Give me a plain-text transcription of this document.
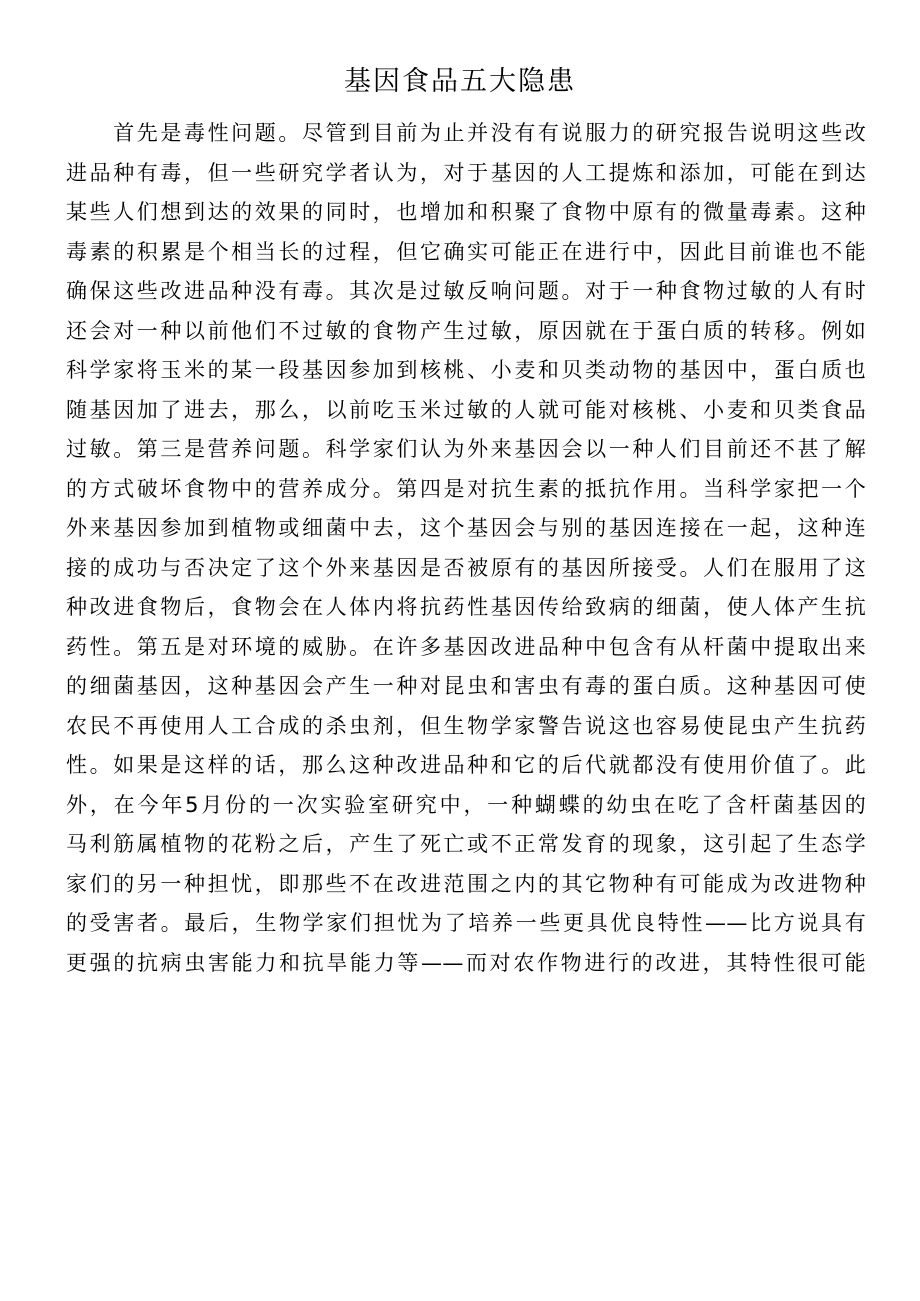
基因食品五大隐患
　　首先是毒性问题。尽管到目前为止并没有有说服力的研究报告说明这些改
进品种有毒，但一些研究学者认为，对于基因的人工提炼和添加，可能在到达
某些人们想到达的效果的同时，也增加和积聚了食物中原有的微量毒素。这种
毒素的积累是个相当长的过程，但它确实可能正在进行中，因此目前谁也不能
确保这些改进品种没有毒。其次是过敏反响问题。对于一种食物过敏的人有时
还会对一种以前他们不过敏的食物产生过敏，原因就在于蛋白质的转移。例如
科学家将玉米的某一段基因参加到核桃、小麦和贝类动物的基因中，蛋白质也
随基因加了进去，那么，以前吃玉米过敏的人就可能对核桃、小麦和贝类食品
过敏。第三是营养问题。科学家们认为外来基因会以一种人们目前还不甚了解
的方式破坏食物中的营养成分。第四是对抗生素的抵抗作用。当科学家把一个
外来基因参加到植物或细菌中去，这个基因会与别的基因连接在一起，这种连
接的成功与否决定了这个外来基因是否被原有的基因所接受。人们在服用了这
种改进食物后，食物会在人体内将抗药性基因传给致病的细菌，使人体产生抗
药性。第五是对环境的威胁。在许多基因改进品种中包含有从杆菌中提取出来
的细菌基因，这种基因会产生一种对昆虫和害虫有毒的蛋白质。这种基因可使
农民不再使用人工合成的杀虫剂，但生物学家警告说这也容易使昆虫产生抗药
性。如果是这样的话，那么这种改进品种和它的后代就都没有使用价值了。此
外，在今年5月份的一次实验室研究中，一种蝴蝶的幼虫在吃了含杆菌基因的
马利筋属植物的花粉之后，产生了死亡或不正常发育的现象，这引起了生态学
家们的另一种担忧，即那些不在改进范围之内的其它物种有可能成为改进物种
的受害者。最后，生物学家们担忧为了培养一些更具优良特性——比方说具有
更强的抗病虫害能力和抗旱能力等——而对农作物进行的改进，其特性很可能
